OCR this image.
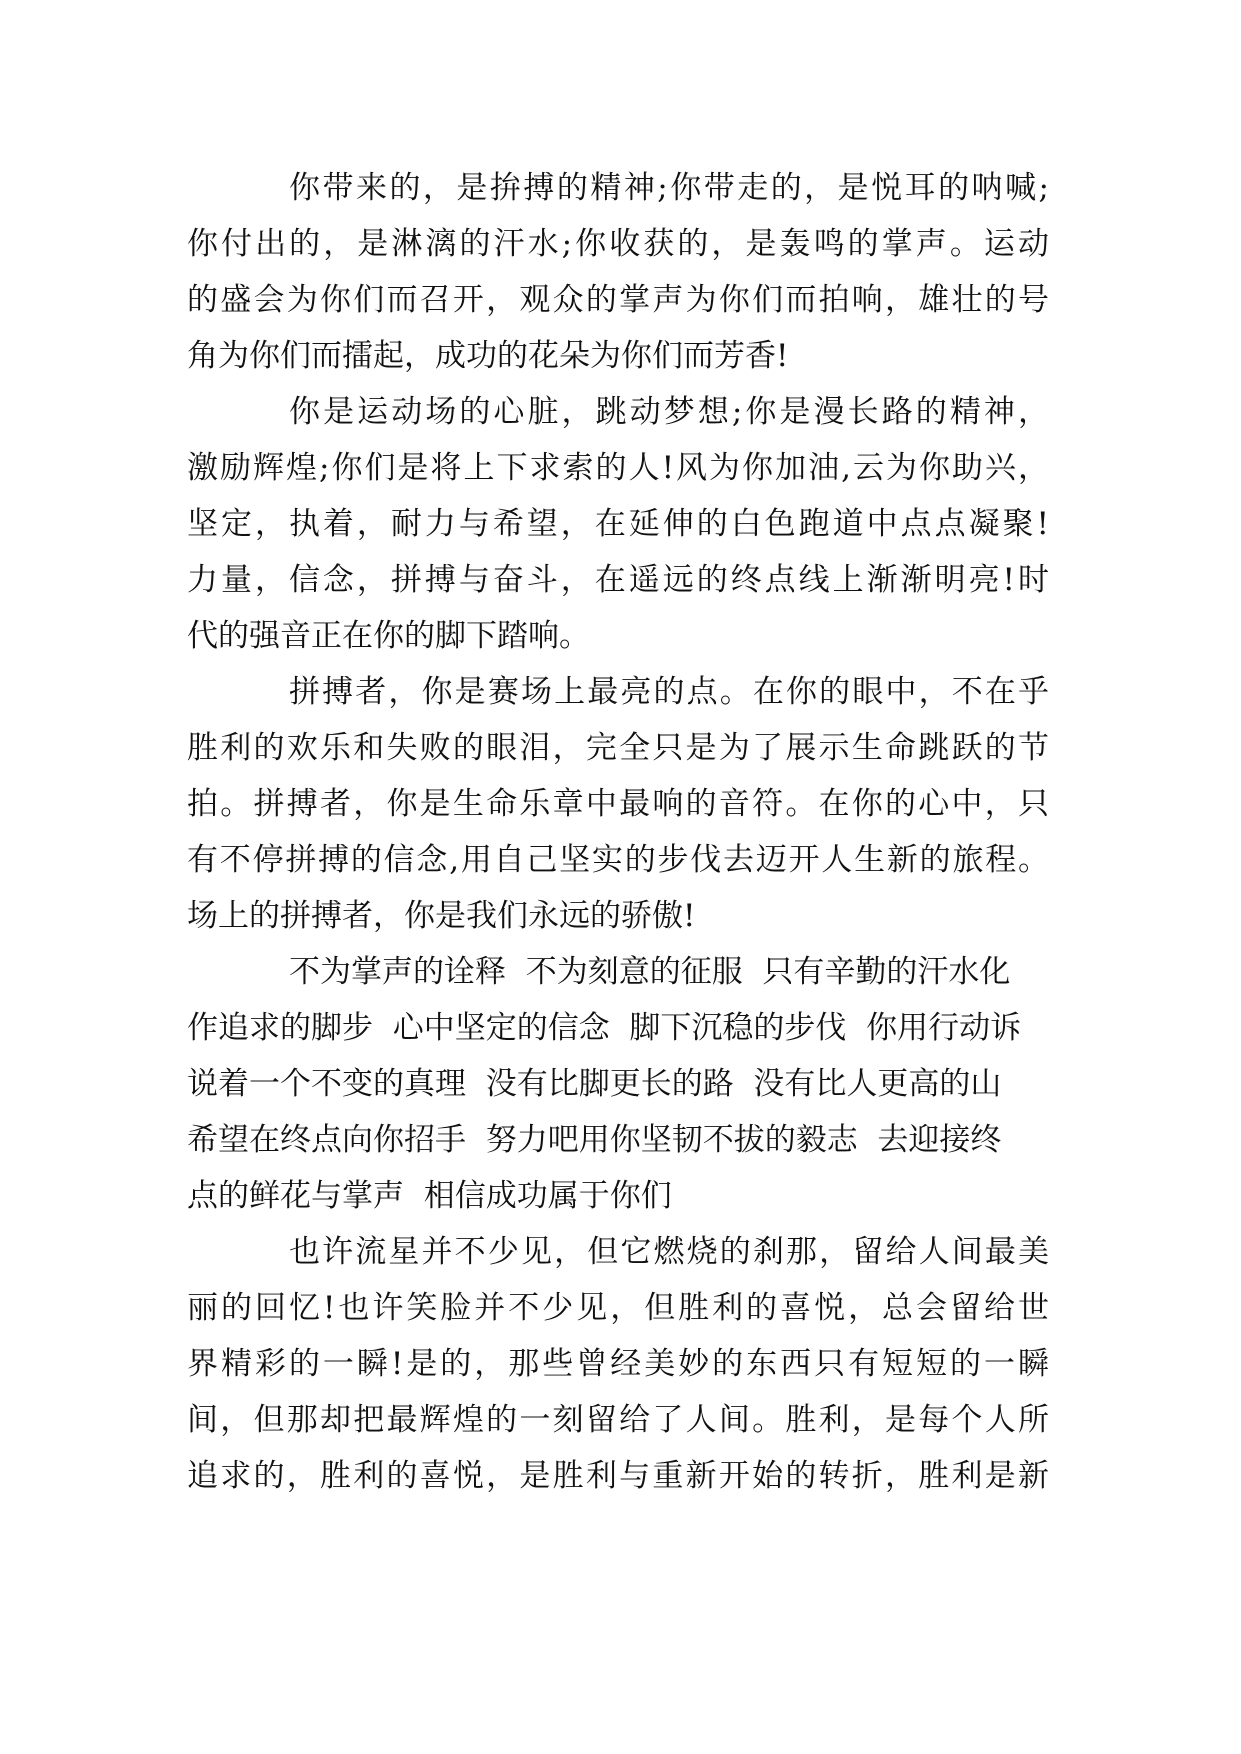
你带来的，是拚搏的精神;你带走的，是悦耳的呐喊;
你付出的，是淋漓的汗水;你收获的，是轰鸣的掌声。运动
的盛会为你们而召开，观众的掌声为你们而拍响，雄壮的号
角为你们而擂起，成功的花朵为你们而芳香!
你是运动场的心脏，跳动梦想;你是漫长路的精神，
激励辉煌;你们是将上下求索的人!风为你加油,云为你助兴，
坚定，执着，耐力与希望，在延伸的白色跑道中点点凝聚!
力量，信念，拼搏与奋斗，在遥远的终点线上渐渐明亮!时
代的强音正在你的脚下踏响。
拼搏者，你是赛场上最亮的点。在你的眼中，不在乎
胜利的欢乐和失败的眼泪，完全只是为了展示生命跳跃的节
拍。拼搏者，你是生命乐章中最响的音符。在你的心中，只
有不停拼搏的信念,用自己坚实的步伐去迈开人生新的旅程。
场上的拼搏者，你是我们永远的骄傲!
不为掌声的诠释  不为刻意的征服  只有辛勤的汗水化
作追求的脚步  心中坚定的信念  脚下沉稳的步伐  你用行动诉
说着一个不变的真理  没有比脚更长的路  没有比人更高的山
希望在终点向你招手  努力吧用你坚韧不拔的毅志  去迎接终
点的鲜花与掌声  相信成功属于你们
也许流星并不少见，但它燃烧的刹那，留给人间最美
丽的回忆!也许笑脸并不少见，但胜利的喜悦，总会留给世
界精彩的一瞬!是的，那些曾经美妙的东西只有短短的一瞬
间，但那却把最辉煌的一刻留给了人间。胜利，是每个人所
追求的，胜利的喜悦，是胜利与重新开始的转折，胜利是新
